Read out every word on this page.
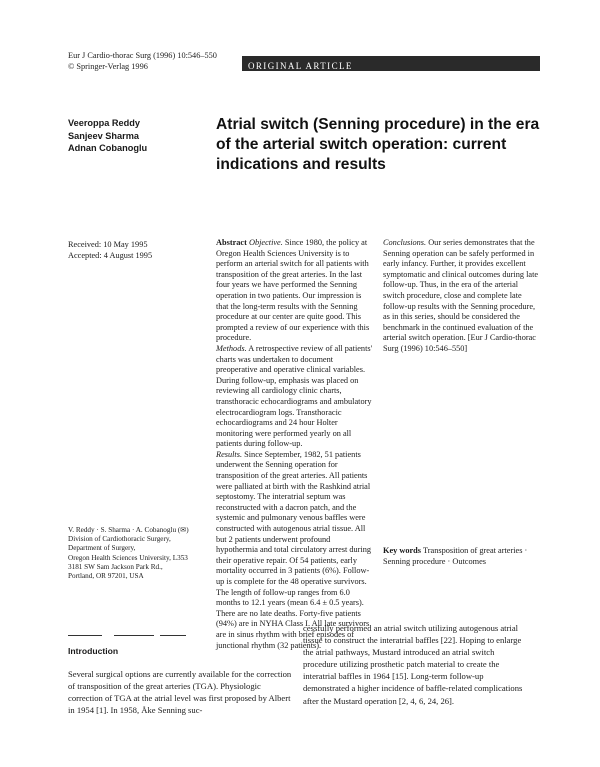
Eur J Cardio-thorac Surg (1996) 10:546–550
© Springer-Verlag 1996	ORIGINAL ARTICLE
Veeroppa Reddy
Sanjeev Sharma
Adnan Cobanoglu
Atrial switch (Senning procedure) in the era of the arterial switch operation: current indications and results
Received: 10 May 1995
Accepted: 4 August 1995

Abstract Objective. Since 1980, the policy at Oregon Health Sciences University is to perform an arterial switch for all patients with transposition of the great arteries. In the last four years we have performed the Senning operation in two patients. Our impression is that the long-term results with the Senning procedure at our center are quite good. This prompted a review of our experience with this procedure.
Methods. A retrospective review of all patients' charts was undertaken to document preoperative and operative clinical variables. During follow-up, emphasis was placed on reviewing all cardiology clinic charts, transthoracic echocardiograms and ambulatory electrocardiogram logs. Transthoracic echocardiograms and 24 hour Holter monitoring were performed yearly on all patients during follow-up.
Results. Since September, 1982, 51 patients underwent the Senning operation for transposition of the great arteries. All patients were palliated at birth with the Rashkind atrial septostomy. The interatrial septum was reconstructed with a dacron patch, and the systemic and pulmonary venous baffles were constructed with autogenous atrial tissue. All but 2 patients underwent profound hypothermia and total circulatory arrest during their operative repair. Of 54 patients, early mortality occurred in 3 patients (6%). Follow-up is complete for the 48 operative survivors. The length of follow-up ranges from 6.0 months to 12.1 years (mean 6.4 ± 0.5 years). There are no late deaths. Forty-five patients (94%) are in NYHA Class I. All late survivors are in sinus rhythm with brief episodes of junctional rhythm (32 patients).

Conclusions. Our series demonstrates that the Senning operation can be safely performed in early infancy. Further, it provides excellent symptomatic and clinical outcomes during late follow-up. Thus, in the era of the arterial switch procedure, close and complete late follow-up results with the Senning procedure, as in this series, should be considered the benchmark in the continued evaluation of the arterial switch operation. [Eur J Cardio-thorac Surg (1996) 10:546–550]

Key words Transposition of great arteries · Senning procedure · Outcomes

V. Reddy · S. Sharma · A. Cobanoglu (✉)
Division of Cardiothoracic Surgery,
Department of Surgery,
Oregon Health Sciences University, L353
3181 SW Sam Jackson Park Rd.,
Portland, OR 97201, USA
Introduction

Several surgical options are currently available for the correction of transposition of the great arteries (TGA). Physiologic correction of TGA at the atrial level was first proposed by Albert in 1954 [1]. In 1958, Åke Senning suc-

cessfully performed an atrial switch utilizing autogenous atrial tissue to construct the interatrial baffles [22]. Hoping to enlarge the atrial pathways, Mustard introduced an atrial switch procedure utilizing prosthetic patch material to create the interatrial baffles in 1964 [15]. Long-term follow-up demonstrated a higher incidence of baffle-related complications after the Mustard operation [2, 4, 6, 24, 26].
